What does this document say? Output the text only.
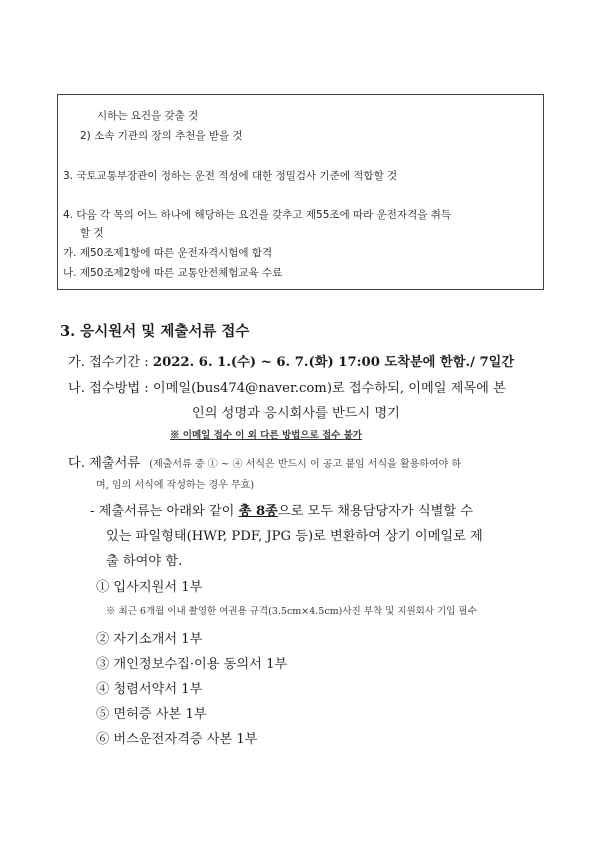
시하는 요건을 갖출 것
2) 소속 기관의 장의 추천을 받을 것
3. 국토교통부장관이 정하는 운전 적성에 대한 정밀검사 기준에 적합할 것
4. 다음 각 목의 어느 하나에 해당하는 요건을 갖추고 제55조에 따라 운전자격을 취득
할 것
가. 제50조제1항에 따른 운전자격시험에 합격
나. 제50조제2항에 따른 교통안전체험교육 수료
3. 응시원서 및 제출서류 접수
가. 접수기간 : 2022. 6. 1.(수) ~ 6. 7.(화) 17:00 도착분에 한함./ 7일간
나. 접수방법 : 이메일(bus474@naver.com)로 접수하되, 이메일 제목에 본
인의 성명과 응시회사를 반드시 명기
※ 이메일 접수 이 외 다른 방법으로 접수 불가
다. 제출서류 (제출서류 중 ① ~ ④ 서식은 반드시 이 공고 붙임 서식을 활용하여야 하
며, 임의 서식에 작성하는 경우 무효)
- 제출서류는 아래와 같이 총 8종으로 모두 채용담당자가 식별할 수
있는 파일형태(HWP, PDF, JPG 등)로 변환하여 상기 이메일로 제
출 하여야 함.
① 입사지원서 1부
※ 최근 6개월 이내 촬영한 여권용 규격(3.5cm×4.5cm)사진 부착 및 지원회사 기입 필수
② 자기소개서 1부
③ 개인정보수집·이용 동의서 1부
④ 청렴서약서 1부
⑤ 면허증 사본 1부
⑥ 버스운전자격증 사본 1부
